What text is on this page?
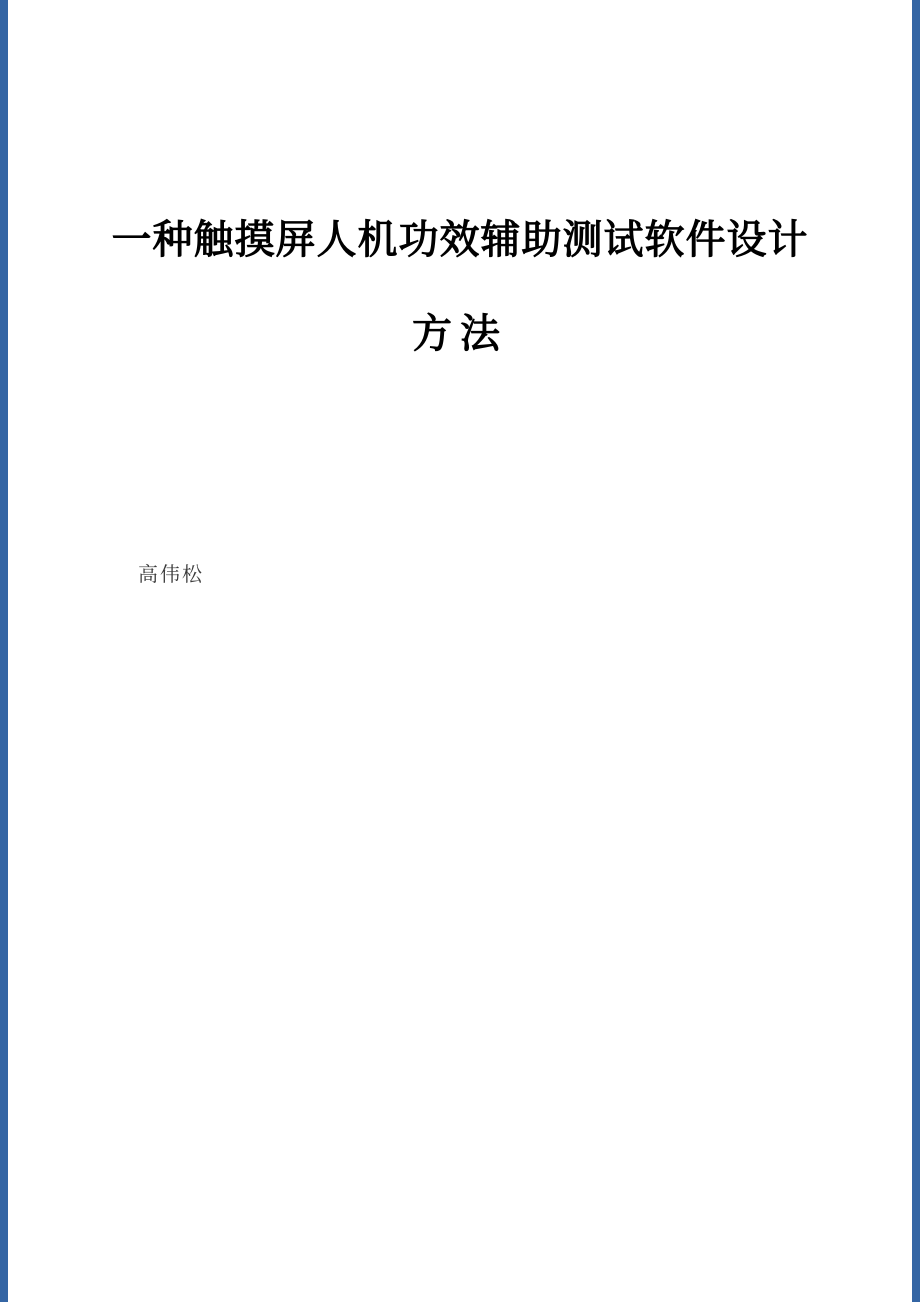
一种触摸屏人机功效辅助测试软件设计
方法
高伟松
